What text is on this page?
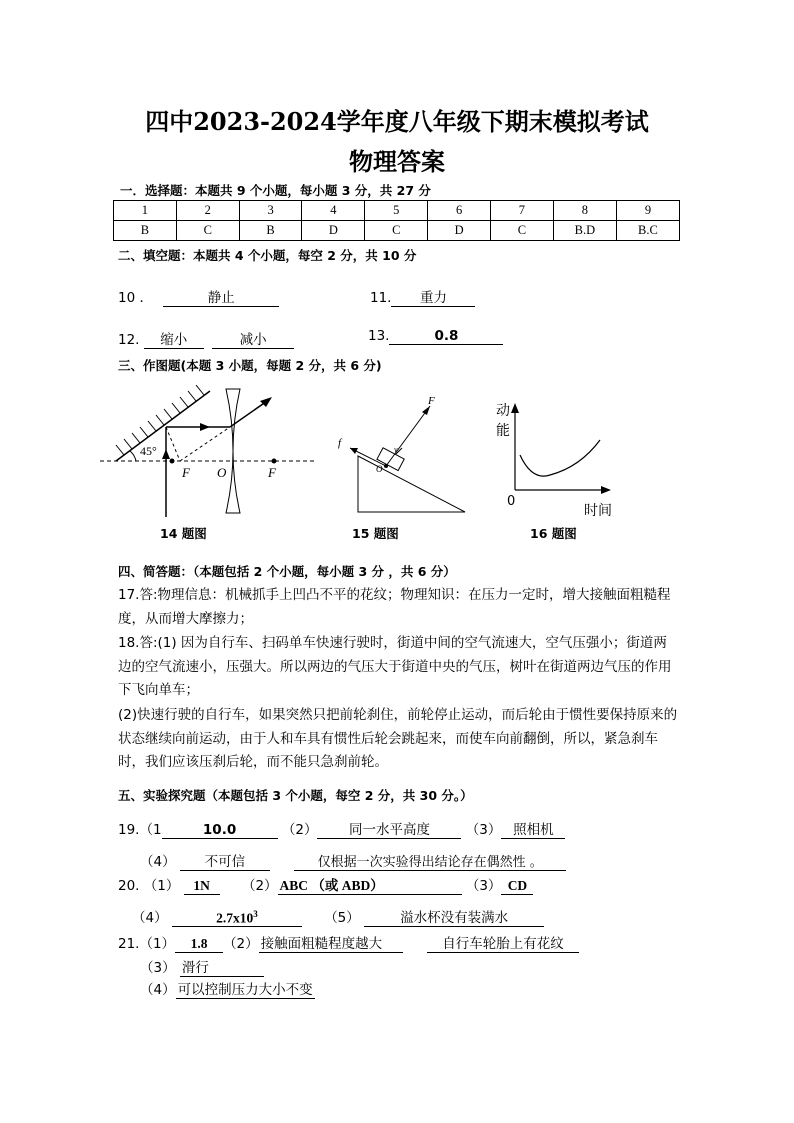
四中2023-2024学年度八年级下期末模拟考试
物理答案
一．选择题：本题共 9 个小题，每小题 3 分，共 27 分
1	2	3	4	5	6	7	8	9
B	C	B	D	C	D	C	B.D	B.C
二、填空题：本题共 4 个小题，每空 2 分，共 10 分
10 ．	静止	11. 重力
12. 缩小	减小	13.	0.8
三、作图题(本题 3 小题，每题 2 分，共 6 分)
45°
F O	F
14 题图
F
f
O
v
15 题图
动
能
0
时间
16 题图
四、简答题：（本题包括 2 个小题，每小题 3 分 ，共 6 分）
17.答:物理信息：机械抓手上凹凸不平的花纹；物理知识：在压力一定时，增大接触面粗糙程度，从而增大摩擦力；
18.答:(1) 因为自行车、扫码单车快速行驶时，街道中间的空气流速大，空气压强小；街道两边的空气流速小，压强大。所以两边的气压大于街道中央的气压，树叶在街道两边气压的作用下飞向单车；
(2)快速行驶的自行车，如果突然只把前轮刹住，前轮停止运动，而后轮由于惯性要保持原来的状态继续向前运动，由于人和车具有惯性后轮会跳起来，而使车向前翻倒，所以，紧急刹车时，我们应该压刹后轮，而不能只急刹前轮。
五、实验探究题（本题包括 3 个小题，每空 2 分，共 30 分。）
19.（1	10.0	（2） 同一水平高度	（3） 照相机
（4） 不可信	仅根据一次实验得出结论存在偶然性 。
20. （1） 1N （2） ABC （或 ABD）	（3） CD
（4）	$2.7x10^3$	（5）	溢水杯没有装满水
21.（1） 1.8 （2） 接触面粗糙程度越大	自行车轮胎上有花纹
（3） 滑行
（4） 可以控制压力大小不变
